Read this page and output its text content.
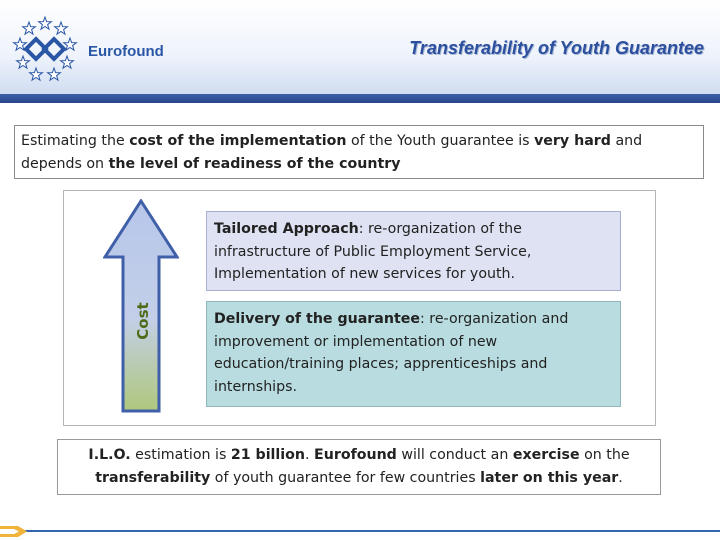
Eurofound	Transferability of Youth Guarantee
Estimating the cost of the implementation of the Youth guarantee is very hard and depends on the level of readiness of the country
Cost
Tailored Approach: re-organization of the infrastructure of Public Employment Service, Implementation of new services for youth.
Delivery of the guarantee: re-organization and improvement or implementation of new education/training places; apprenticeships and internships.
I.L.O. estimation is 21 billion. Eurofound will conduct an exercise on the transferability of youth guarantee for few countries later on this year.
